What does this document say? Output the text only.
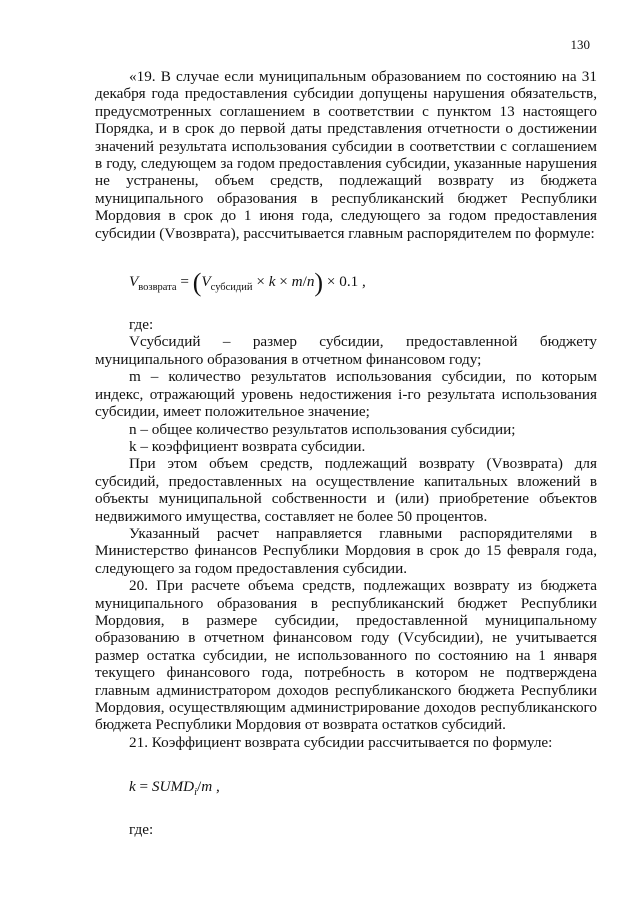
130

«19. В случае если муниципальным образованием по состоянию на 31 декабря года предоставления субсидии допущены нарушения обязательств, предусмотренных соглашением в соответствии с пунктом 13 настоящего Порядка, и в срок до первой даты представления отчетности о достижении значений результата использования субсидии в соответствии с соглашением в году, следующем за годом предоставления субсидии, указанные нарушения не устранены, объем средств, подлежащий возврату из бюджета муниципального образования в республиканский бюджет Республики Мордовия в срок до 1 июня года, следующего за годом предоставления субсидии (Vвозврата), рассчитывается главным распорядителем по формуле:

$V_{возврата} = (V_{субсидий} \times k \times m/n) \times 0.1$ ,

где:

Vсубсидий – размер субсидии, предоставленной бюджету муниципального образования в отчетном финансовом году;

m – количество результатов использования субсидии, по которым индекс, отражающий уровень недостижения i-го результата использования субсидии, имеет положительное значение;

n – общее количество результатов использования субсидии;

k – коэффициент возврата субсидии.

При этом объем средств, подлежащий возврату (Vвозврата) для субсидий, предоставленных на осуществление капитальных вложений в объекты муниципальной собственности и (или) приобретение объектов недвижимого имущества, составляет не более 50 процентов.

Указанный расчет направляется главными распорядителями в Министерство финансов Республики Мордовия в срок до 15 февраля года, следующего за годом предоставления субсидии.

20. При расчете объема средств, подлежащих возврату из бюджета муниципального образования в республиканский бюджет Республики Мордовия, в размере субсидии, предоставленной муниципальному образованию в отчетном финансовом году (Vсубсидии), не учитывается размер остатка субсидии, не использованного по состоянию на 1 января текущего финансового года, потребность в котором не подтверждена главным администратором доходов республиканского бюджета Республики Мордовия, осуществляющим администрирование доходов республиканского бюджета Республики Мордовия от возврата остатков субсидий.

21. Коэффициент возврата субсидии рассчитывается по формуле:

$k = SUMD_i/m$ ,

где:
